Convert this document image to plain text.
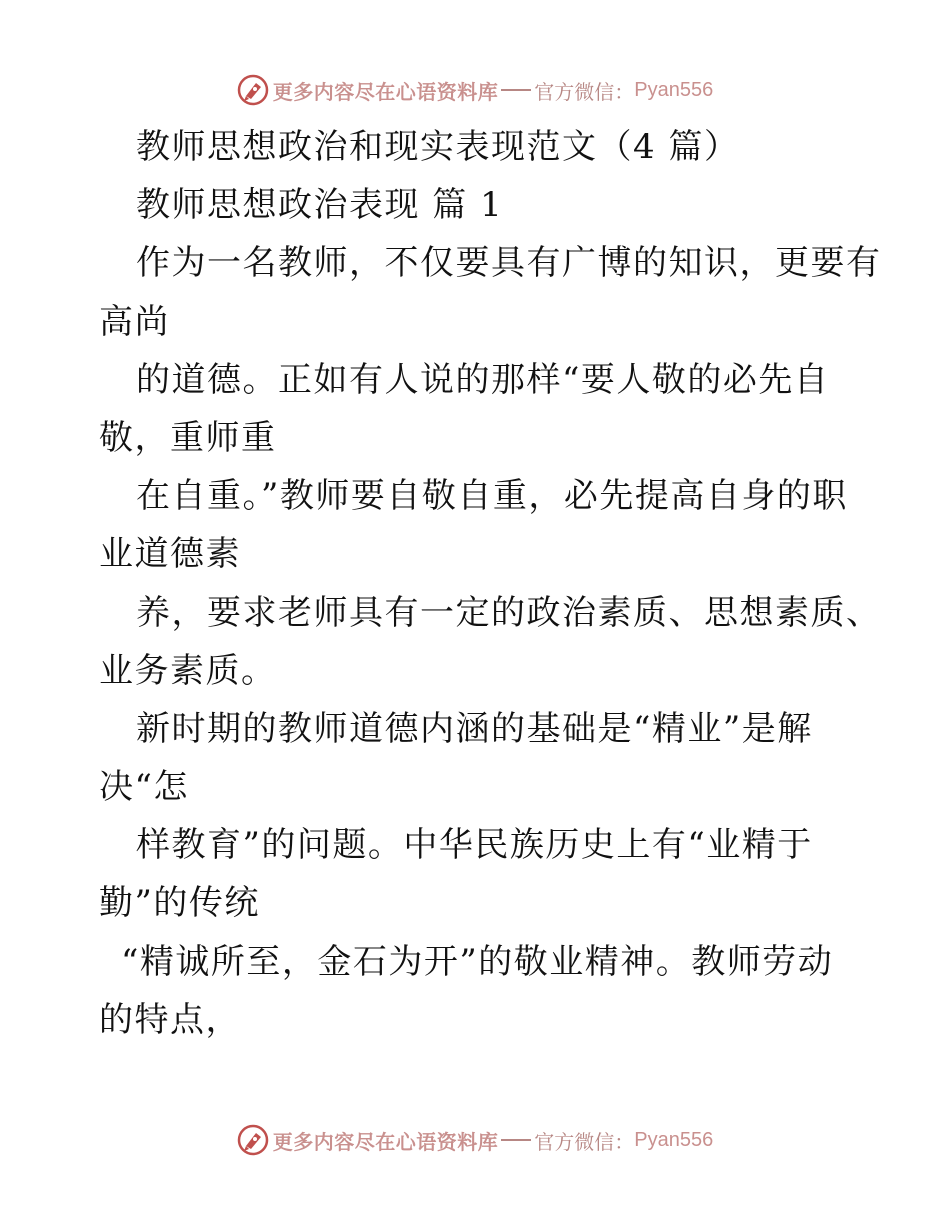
更多内容尽在心语资料库 官方微信： Pyan556
教师思想政治和现实表现范文（4 篇）
教师思想政治表现 篇 1
作为一名教师，不仅要具有广博的知识，更要有
高尚
的道德。正如有人说的那样“要人敬的必先自
敬，重师重
在自重。”教师要自敬自重，必先提高自身的职
业道德素
养，要求老师具有一定的政治素质、思想素质、
业务素质。
新时期的教师道德内涵的基础是“精业”是解
决“怎
样教育”的问题。中华民族历史上有“业精于
勤”的传统
“精诚所至，金石为开”的敬业精神。教师劳动
的特点，
更多内容尽在心语资料库 官方微信： Pyan556
